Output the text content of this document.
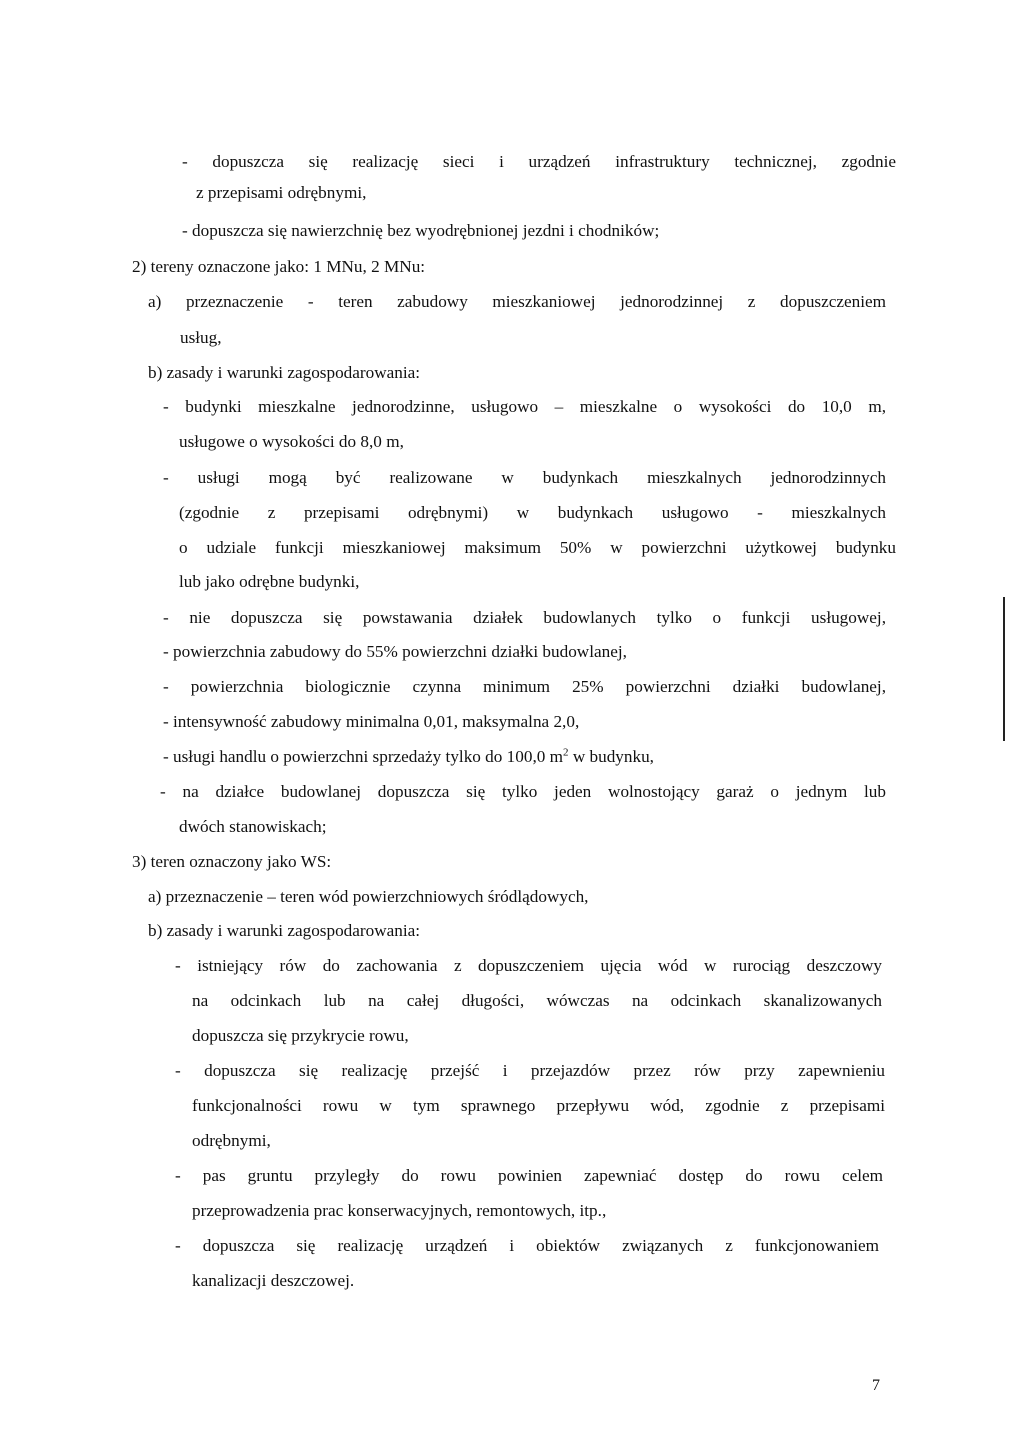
- dopuszcza się realizację sieci i urządzeń infrastruktury technicznej, zgodnie

z przepisami odrębnymi,

- dopuszcza się nawierzchnię bez wyodrębnionej jezdni i chodników;

2) tereny oznaczone jako: 1 MNu, 2 MNu:

a) przeznaczenie - teren zabudowy mieszkaniowej jednorodzinnej z dopuszczeniem

usług,

b) zasady i warunki zagospodarowania:

- budynki mieszkalne jednorodzinne, usługowo – mieszkalne o wysokości do 10,0 m,

usługowe o wysokości do 8,0 m,

- usługi mogą być realizowane w budynkach mieszkalnych jednorodzinnych

(zgodnie z przepisami odrębnymi) w budynkach usługowo - mieszkalnych

o udziale funkcji mieszkaniowej maksimum 50% w powierzchni użytkowej budynku

lub jako odrębne budynki,

- nie dopuszcza się powstawania działek budowlanych tylko o funkcji usługowej,

- powierzchnia zabudowy do 55% powierzchni działki budowlanej,

- powierzchnia biologicznie czynna minimum 25% powierzchni działki budowlanej,

- intensywność zabudowy minimalna 0,01, maksymalna 2,0,

- usługi handlu o powierzchni sprzedaży tylko do 100,0 $m^2$ w budynku,

- na działce budowlanej dopuszcza się tylko jeden wolnostojący garaż o jednym lub

dwóch stanowiskach;

3) teren oznaczony jako WS:

a) przeznaczenie – teren wód powierzchniowych śródlądowych,

b) zasady i warunki zagospodarowania:

- istniejący rów do zachowania z dopuszczeniem ujęcia wód w rurociąg deszczowy

na odcinkach lub na całej długości, wówczas na odcinkach skanalizowanych

dopuszcza się przykrycie rowu,

- dopuszcza się realizację przejść i przejazdów przez rów przy zapewnieniu

funkcjonalności rowu w tym sprawnego przepływu wód, zgodnie z przepisami

odrębnymi,

- pas gruntu przyległy do rowu powinien zapewniać dostęp do rowu celem

przeprowadzenia prac konserwacyjnych, remontowych, itp.,

- dopuszcza się realizację urządzeń i obiektów związanych z funkcjonowaniem

kanalizacji deszczowej.

7
